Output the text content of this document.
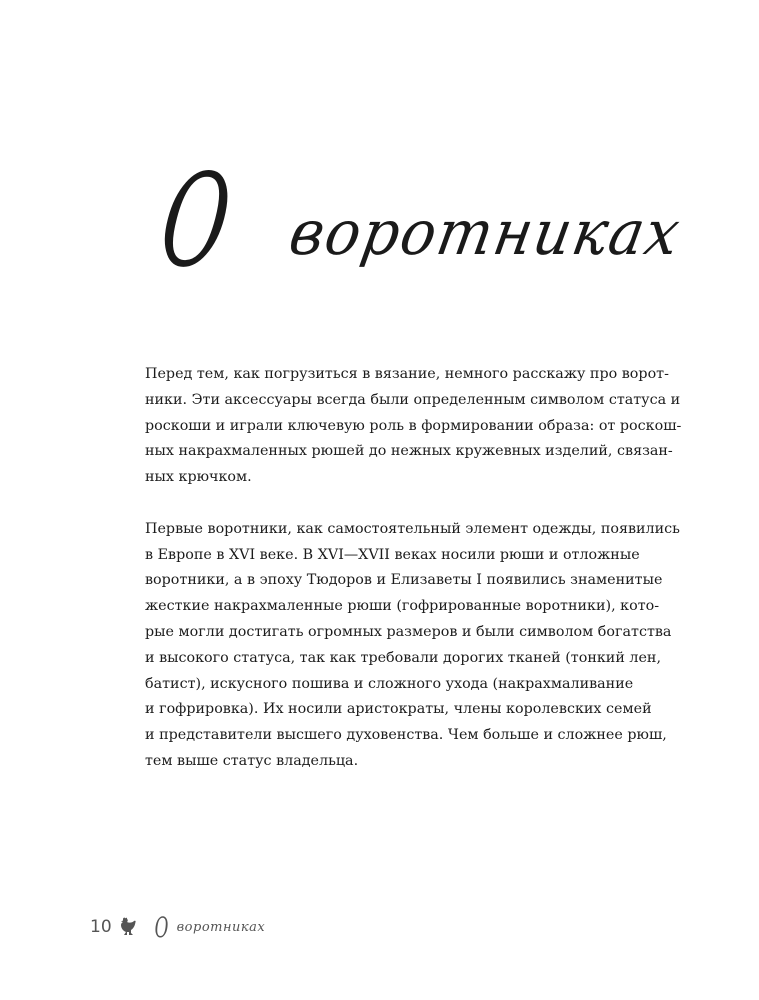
О воротниках
Перед тем, как погрузиться в вязание, немного расскажу про ворот-
ники. Эти аксессуары всегда были определенным символом статуса и
роскоши и играли ключевую роль в формировании образа: от роскош-
ных накрахмаленных рюшей до нежных кружевных изделий, связан-
ных крючком.
Первые воротники, как самостоятельный элемент одежды, появились
в Европе в XVI веке. В XVI—XVII веках носили рюши и отложные
воротники, а в эпоху Тюдоров и Елизаветы I появились знаменитые
жесткие накрахмаленные рюши (гофрированные воротники), кото-
рые могли достигать огромных размеров и были символом богатства
и высокого статуса, так как требовали дорогих тканей (тонкий лен,
батист), искусного пошива и сложного ухода (накрахмаливание
и гофрировка). Их носили аристократы, члены королевских семей
и представители высшего духовенства. Чем больше и сложнее рюш,
тем выше статус владельца.
10 О воротниках
